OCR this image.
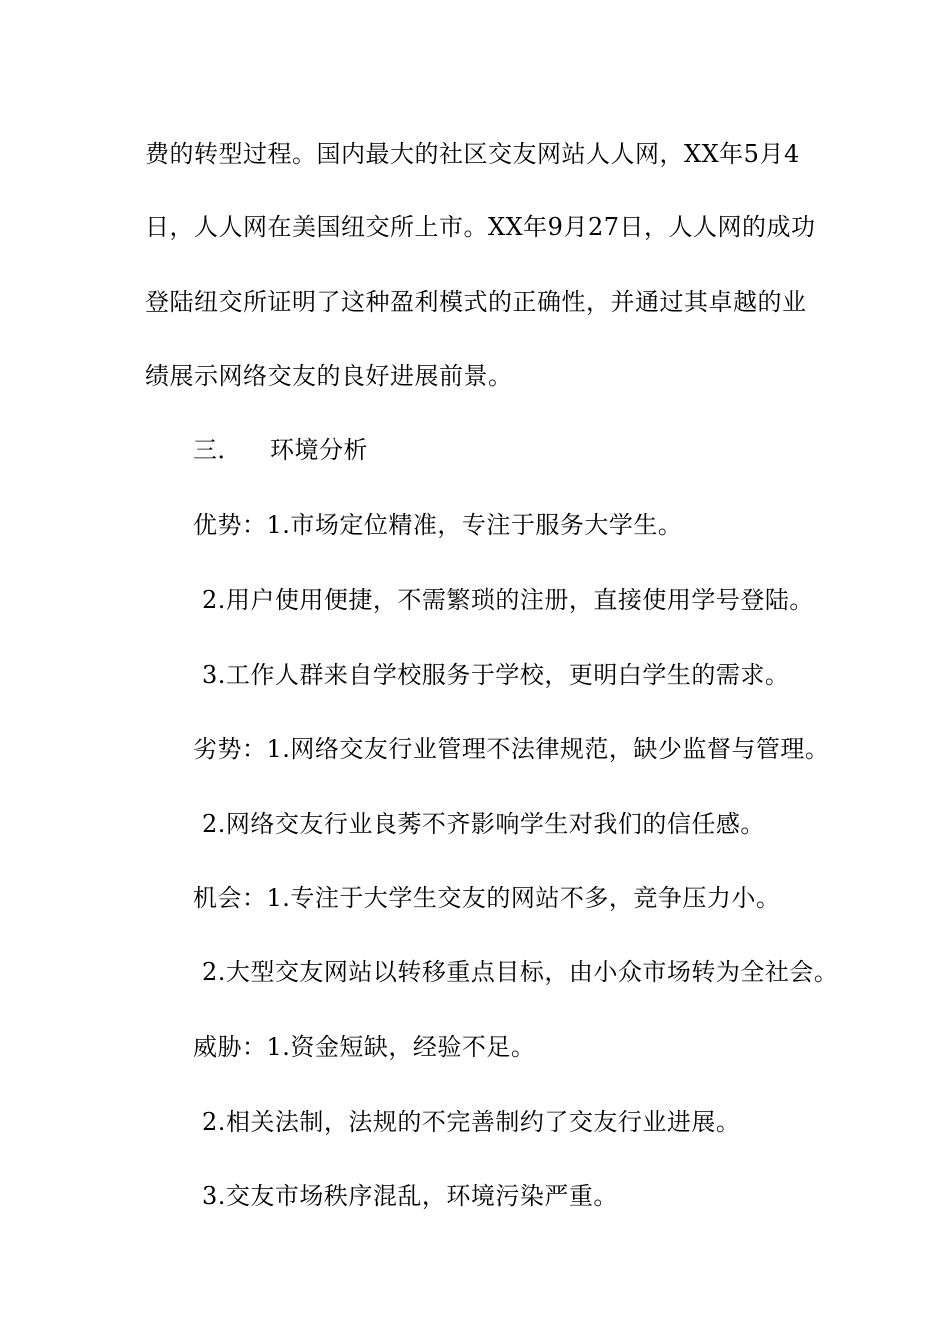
费的转型过程。国内最大的社区交友网站人人网，XX年5月4
日，人人网在美国纽交所上市。XX年9月27日，人人网的成功
登陆纽交所证明了这种盈利模式的正确性，并通过其卓越的业
绩展示网络交友的良好进展前景。
三． 环境分析
优势：1.市场定位精准，专注于服务大学生。
2.用户使用便捷，不需繁琐的注册，直接使用学号登陆。
3.工作人群来自学校服务于学校，更明白学生的需求。
劣势：1.网络交友行业管理不法律规范，缺少监督与管理。
2.网络交友行业良莠不齐影响学生对我们的信任感。
机会：1.专注于大学生交友的网站不多，竞争压力小。
2.大型交友网站以转移重点目标，由小众市场转为全社会。
威胁：1.资金短缺，经验不足。
2.相关法制，法规的不完善制约了交友行业进展。
3.交友市场秩序混乱，环境污染严重。
